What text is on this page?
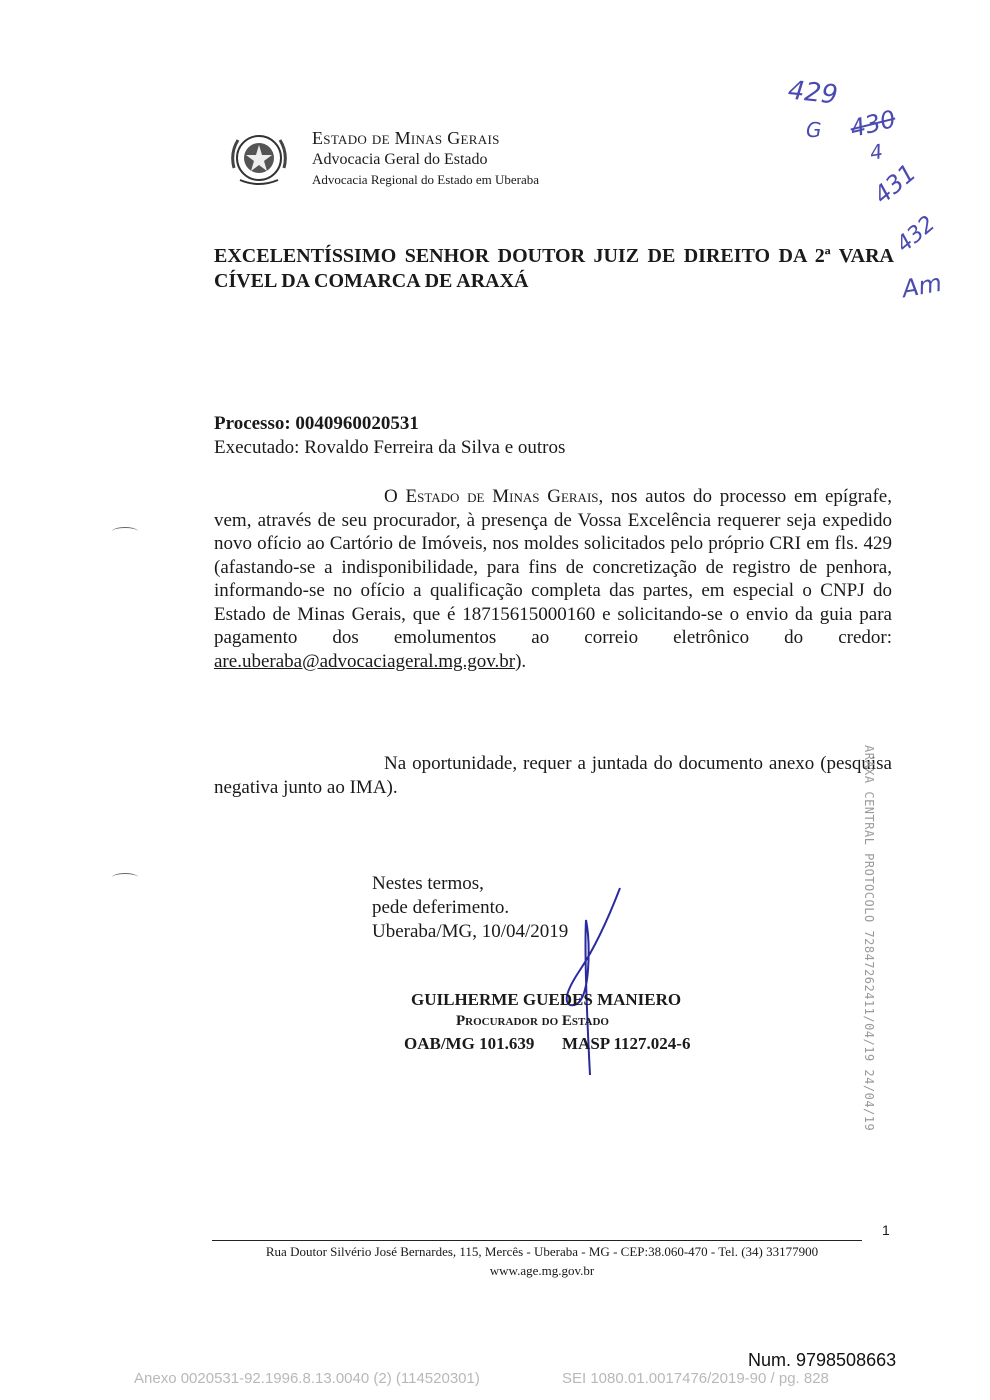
Estado de Minas Gerais
Advocacia Geral do Estado
Advocacia Regional do Estado em Uberaba
429
G 430
4
431
432
Am
EXCELENTÍSSIMO SENHOR DOUTOR JUIZ DE DIREITO DA 2ª VARA CÍVEL DA COMARCA DE ARAXÁ
Processo: 0040960020531
Executado: Rovaldo Ferreira da Silva e outros
O Estado de Minas Gerais, nos autos do processo em epígrafe, vem, através de seu procurador, à presença de Vossa Excelência requerer seja expedido novo ofício ao Cartório de Imóveis, nos moldes solicitados pelo próprio CRI em fls. 429 (afastando-se a indisponibilidade, para fins de concretização de registro de penhora, informando-se no ofício a qualificação completa das partes, em especial o CNPJ do Estado de Minas Gerais, que é 18715615000160 e solicitando-se o envio da guia para pagamento dos emolumentos ao correio eletrônico do credor: are.uberaba@advocaciageral.mg.gov.br).
Na oportunidade, requer a juntada do documento anexo (pesquisa negativa junto ao IMA).
Nestes termos,
pede deferimento.
Uberaba/MG, 10/04/2019
GUILHERME GUEDES MANIERO
Procurador do Estado
OAB/MG 101.639 MASP 1127.024-6	ARAXA CENTRAL PROTOCOLO 72847262411/04/19 24/04/19
1
Rua Doutor Silvério José Bernardes, 115, Mercês - Uberaba - MG - CEP:38.060-470 - Tel. (34) 33177900
www.age.mg.gov.br
Num. 9798508663
Anexo 0020531-92.1996.8.13.0040 (2) (114520301)	SEI 1080.01.0017476/2019-90 / pg. 828
